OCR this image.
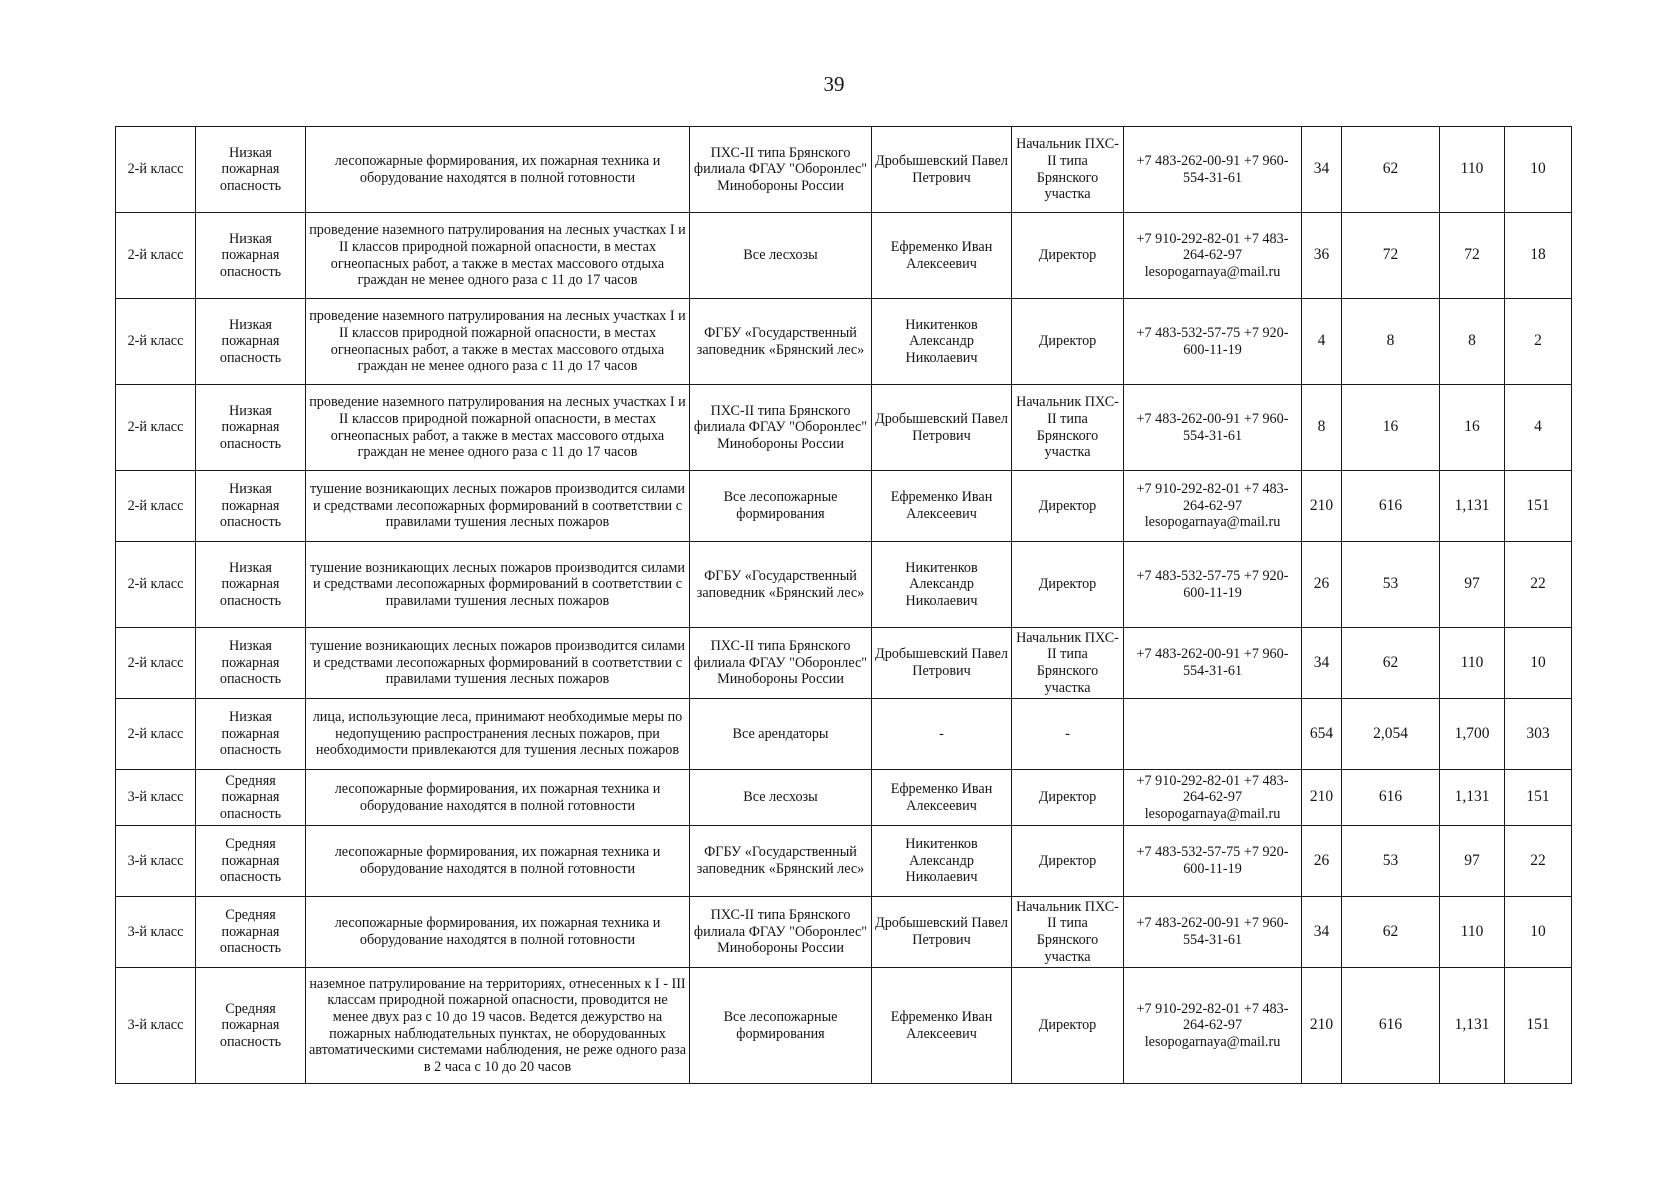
39
2-й класс	Низкая пожарная опасность	лесопожарные формирования, их пожарная техника и оборудование находятся в полной готовности	ПХС-II типа Брянского филиала ФГАУ "Оборонлес" Минобороны России	Дробышевский Павел Петрович	Начальник ПХС-II типа Брянского участка	+7 483-262-00-91 +7 960-554-31-61	34	62	110	10
2-й класс	Низкая пожарная опасность	проведение наземного патрулирования на лесных участках I и II классов природной пожарной опасности, в местах огнеопасных работ, а также в местах массового отдыха граждан не менее одного раза с 11 до 17 часов	Все лесхозы	Ефременко Иван Алексеевич	Директор	+7 910-292-82-01 +7 483-264-62-97 lesopogarnaya@mail.ru	36	72	72	18
2-й класс	Низкая пожарная опасность	проведение наземного патрулирования на лесных участках I и II классов природной пожарной опасности, в местах огнеопасных работ, а также в местах массового отдыха граждан не менее одного раза с 11 до 17 часов	ФГБУ «Государственный заповедник «Брянский лес»	Никитенков Александр Николаевич	Директор	+7 483-532-57-75 +7 920-600-11-19	4	8	8	2
2-й класс	Низкая пожарная опасность	проведение наземного патрулирования на лесных участках I и II классов природной пожарной опасности, в местах огнеопасных работ, а также в местах массового отдыха граждан не менее одного раза с 11 до 17 часов	ПХС-II типа Брянского филиала ФГАУ "Оборонлес" Минобороны России	Дробышевский Павел Петрович	Начальник ПХС-II типа Брянского участка	+7 483-262-00-91 +7 960-554-31-61	8	16	16	4
2-й класс	Низкая пожарная опасность	тушение возникающих лесных пожаров производится силами и средствами лесопожарных формирований в соответствии с правилами тушения лесных пожаров	Все лесопожарные формирования	Ефременко Иван Алексеевич	Директор	+7 910-292-82-01 +7 483-264-62-97 lesopogarnaya@mail.ru	210	616	1,131	151
2-й класс	Низкая пожарная опасность	тушение возникающих лесных пожаров производится силами и средствами лесопожарных формирований в соответствии с правилами тушения лесных пожаров	ФГБУ «Государственный заповедник «Брянский лес»	Никитенков Александр Николаевич	Директор	+7 483-532-57-75 +7 920-600-11-19	26	53	97	22
2-й класс	Низкая пожарная опасность	тушение возникающих лесных пожаров производится силами и средствами лесопожарных формирований в соответствии с правилами тушения лесных пожаров	ПХС-II типа Брянского филиала ФГАУ "Оборонлес" Минобороны России	Дробышевский Павел Петрович	Начальник ПХС-II типа Брянского участка	+7 483-262-00-91 +7 960-554-31-61	34	62	110	10
2-й класс	Низкая пожарная опасность	лица, использующие леса, принимают необходимые меры по недопущению распространения лесных пожаров, при необходимости привлекаются для тушения лесных пожаров	Все арендаторы	-	-		654	2,054	1,700	303
3-й класс	Средняя пожарная опасность	лесопожарные формирования, их пожарная техника и оборудование находятся в полной готовности	Все лесхозы	Ефременко Иван Алексеевич	Директор	+7 910-292-82-01 +7 483-264-62-97 lesopogarnaya@mail.ru	210	616	1,131	151
3-й класс	Средняя пожарная опасность	лесопожарные формирования, их пожарная техника и оборудование находятся в полной готовности	ФГБУ «Государственный заповедник «Брянский лес»	Никитенков Александр Николаевич	Директор	+7 483-532-57-75 +7 920-600-11-19	26	53	97	22
3-й класс	Средняя пожарная опасность	лесопожарные формирования, их пожарная техника и оборудование находятся в полной готовности	ПХС-II типа Брянского филиала ФГАУ "Оборонлес" Минобороны России	Дробышевский Павел Петрович	Начальник ПХС-II типа Брянского участка	+7 483-262-00-91 +7 960-554-31-61	34	62	110	10
3-й класс	Средняя пожарная опасность	наземное патрулирование на территориях, отнесенных к I - III классам природной пожарной опасности, проводится не менее двух раз с 10 до 19 часов. Ведется дежурство на пожарных наблюдательных пунктах, не оборудованных автоматическими системами наблюдения, не реже одного раза в 2 часа с 10 до 20 часов	Все лесопожарные формирования	Ефременко Иван Алексеевич	Директор	+7 910-292-82-01 +7 483-264-62-97 lesopogarnaya@mail.ru	210	616	1,131	151
